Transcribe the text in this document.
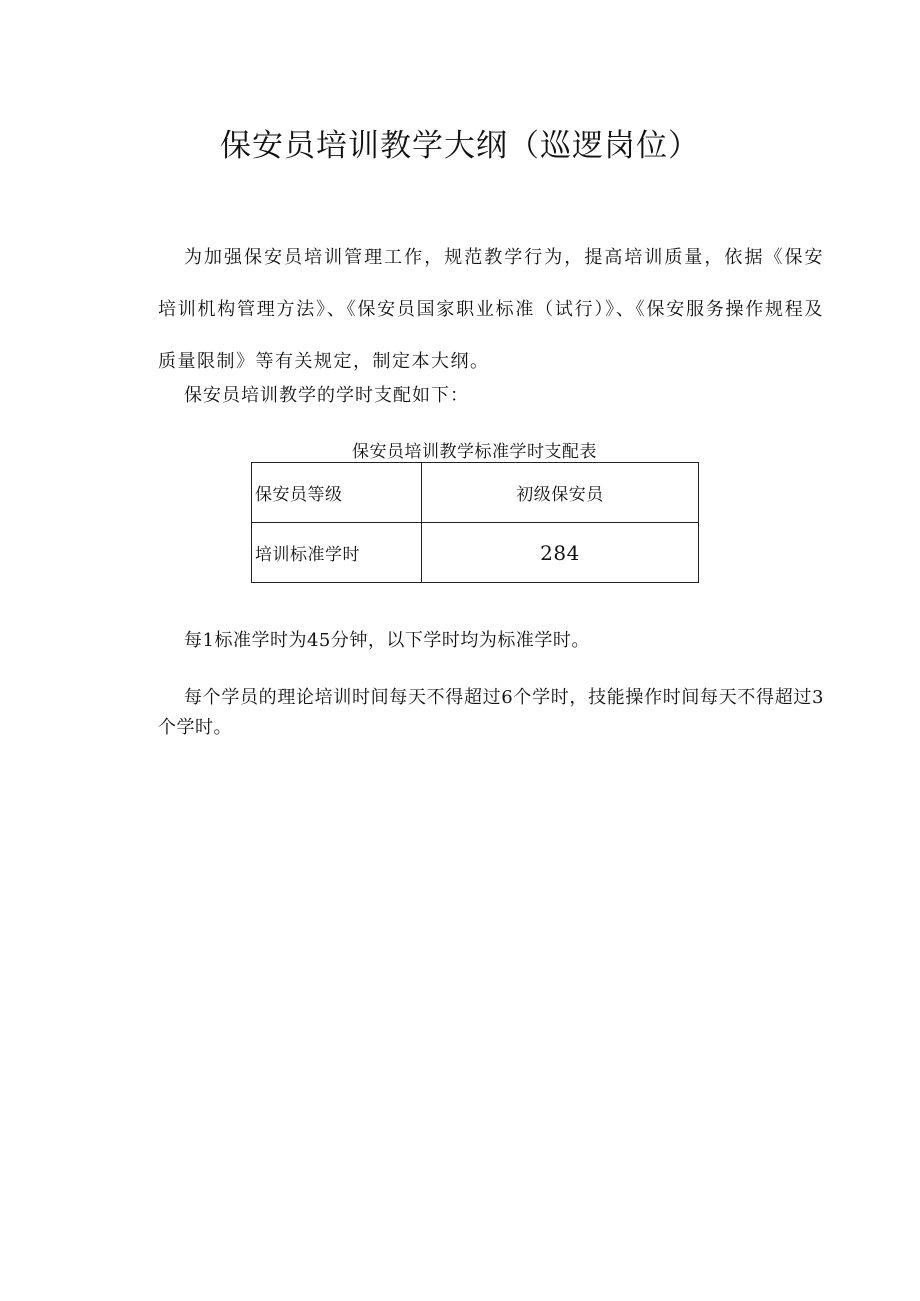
保安员培训教学大纲（巡逻岗位）

为加强保安员培训管理工作，规范教学行为，提高培训质量，依据《保安培训机构管理方法》、《保安员国家职业标准（试行）》、《保安服务操作规程及质量限制》等有关规定，制定本大纲。

保安员培训教学的学时支配如下：

保安员培训教学标准学时支配表

保安员等级	初级保安员
培训标准学时	284

每1标准学时为45分钟，以下学时均为标准学时。

每个学员的理论培训时间每天不得超过6个学时，技能操作时间每天不得超过3个学时。
